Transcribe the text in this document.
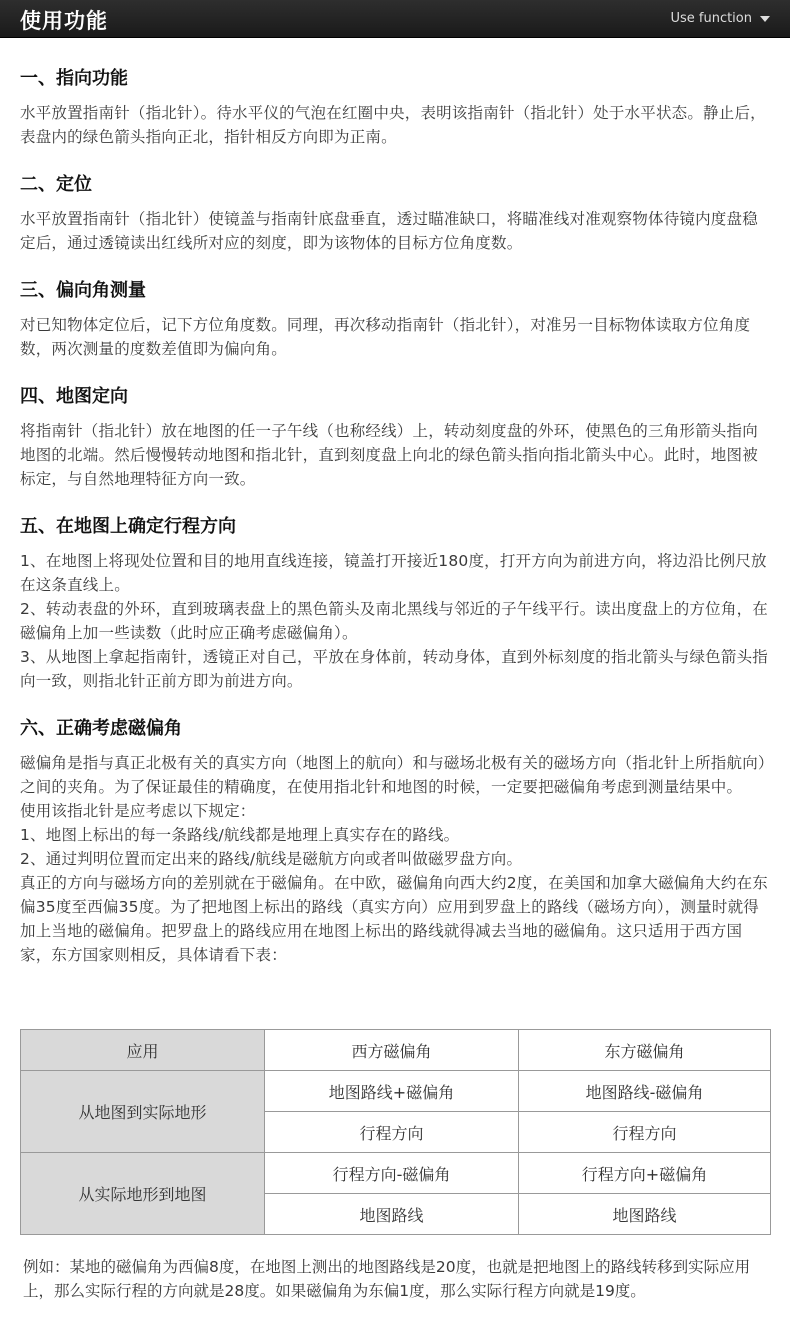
使用功能	Use function
一、指向功能

水平放置指南针（指北针）。待水平仪的气泡在红圈中央，表明该指南针（指北针）处于水平状态。静止后，表盘内的绿色箭头指向正北，指针相反方向即为正南。

二、定位

水平放置指南针（指北针）使镜盖与指南针底盘垂直，透过瞄准缺口，将瞄准线对准观察物体待镜内度盘稳定后，通过透镜读出红线所对应的刻度，即为该物体的目标方位角度数。

三、偏向角测量

对已知物体定位后，记下方位角度数。同理，再次移动指南针（指北针），对准另一目标物体读取方位角度数，两次测量的度数差值即为偏向角。

四、地图定向

将指南针（指北针）放在地图的任一子午线（也称经线）上，转动刻度盘的外环，使黑色的三角形箭头指向地图的北端。然后慢慢转动地图和指北针，直到刻度盘上向北的绿色箭头指向指北箭头中心。此时，地图被标定，与自然地理特征方向一致。

五、在地图上确定行程方向

1、在地图上将现处位置和目的地用直线连接，镜盖打开接近180度，打开方向为前进方向，将边沿比例尺放在这条直线上。

2、转动表盘的外环，直到玻璃表盘上的黑色箭头及南北黑线与邻近的子午线平行。读出度盘上的方位角，在磁偏角上加一些读数（此时应正确考虑磁偏角）。

3、从地图上拿起指南针，透镜正对自己，平放在身体前，转动身体，直到外标刻度的指北箭头与绿色箭头指向一致，则指北针正前方即为前进方向。

六、正确考虑磁偏角

磁偏角是指与真正北极有关的真实方向（地图上的航向）和与磁场北极有关的磁场方向（指北针上所指航向）之间的夹角。为了保证最佳的精确度，在使用指北针和地图的时候，一定要把磁偏角考虑到测量结果中。

使用该指北针是应考虑以下规定：

1、地图上标出的每一条路线/航线都是地理上真实存在的路线。

2、通过判明位置而定出来的路线/航线是磁航方向或者叫做磁罗盘方向。

真正的方向与磁场方向的差别就在于磁偏角。在中欧，磁偏角向西大约2度，在美国和加拿大磁偏角大约在东偏35度至西偏35度。为了把地图上标出的路线（真实方向）应用到罗盘上的路线（磁场方向），测量时就得加上当地的磁偏角。把罗盘上的路线应用在地图上标出的路线就得减去当地的磁偏角。这只适用于西方国家，东方国家则相反，具体请看下表：

应用	西方磁偏角	东方磁偏角
从地图到实际地形	地图路线+磁偏角	地图路线-磁偏角
	行程方向	行程方向
从实际地形到地图	行程方向-磁偏角	行程方向+磁偏角
	地图路线	地图路线

例如：某地的磁偏角为西偏8度，在地图上测出的地图路线是20度，也就是把地图上的路线转移到实际应用上，那么实际行程的方向就是28度。如果磁偏角为东偏1度，那么实际行程方向就是19度。
